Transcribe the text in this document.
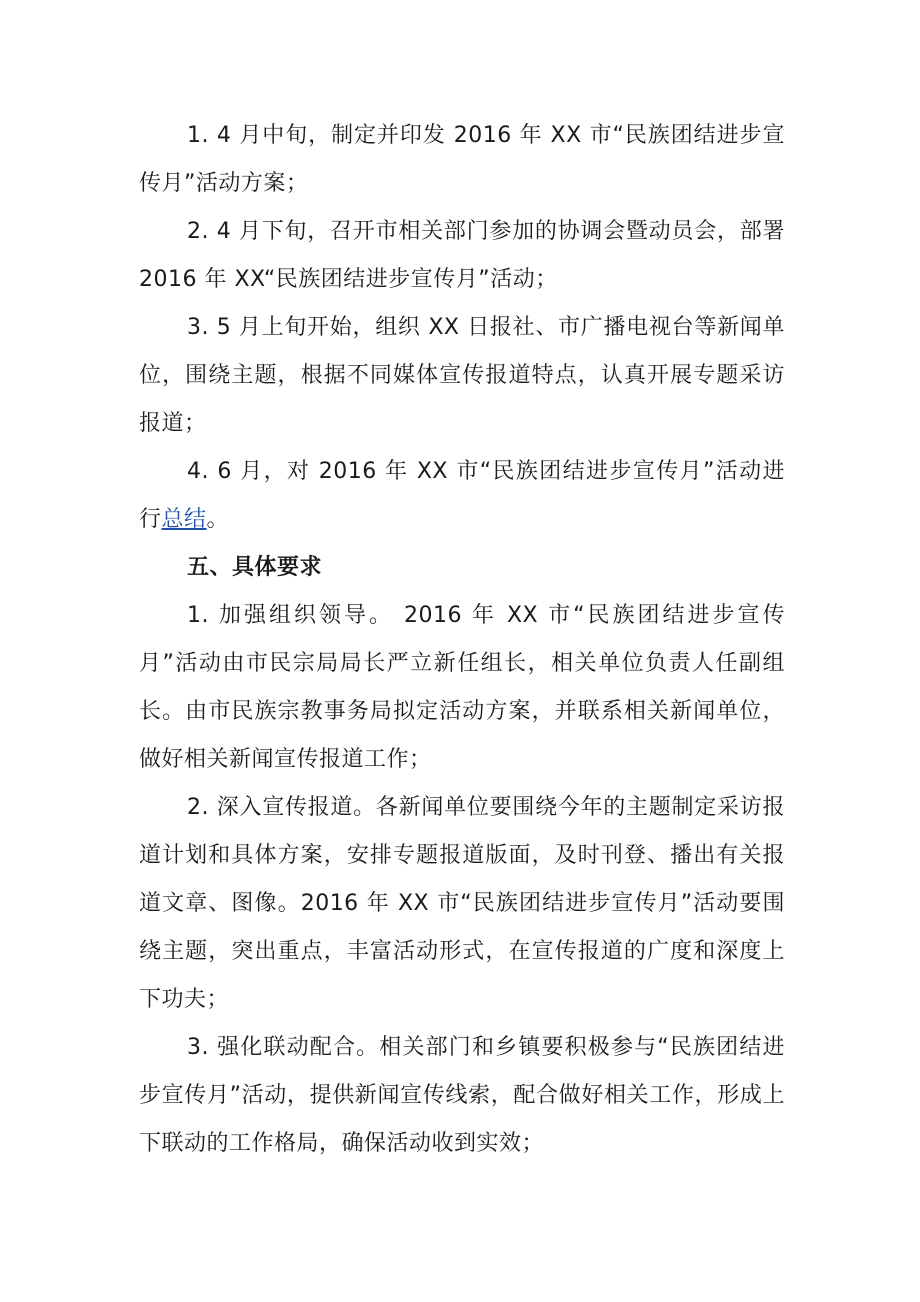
1. 4 月中旬，制定并印发 2016 年 XX 市“民族团结进步宣传月”活动方案；

2. 4 月下旬，召开市相关部门参加的协调会暨动员会，部署 2016 年 XX“民族团结进步宣传月”活动；

3. 5 月上旬开始，组织 XX 日报社、市广播电视台等新闻单位，围绕主题，根据不同媒体宣传报道特点，认真开展专题采访报道；

4. 6 月，对 2016 年 XX 市“民族团结进步宣传月”活动进行总结。

五、具体要求

1. 加强组织领导。 2016 年 XX 市“民族团结进步宣传月”活动由市民宗局局长严立新任组长，相关单位负责人任副组长。由市民族宗教事务局拟定活动方案，并联系相关新闻单位，做好相关新闻宣传报道工作；

2. 深入宣传报道。各新闻单位要围绕今年的主题制定采访报道计划和具体方案，安排专题报道版面，及时刊登、播出有关报道文章、图像。2016 年 XX 市“民族团结进步宣传月”活动要围绕主题，突出重点，丰富活动形式，在宣传报道的广度和深度上下功夫；

3. 强化联动配合。相关部门和乡镇要积极参与“民族团结进步宣传月”活动，提供新闻宣传线索，配合做好相关工作，形成上下联动的工作格局，确保活动收到实效；
